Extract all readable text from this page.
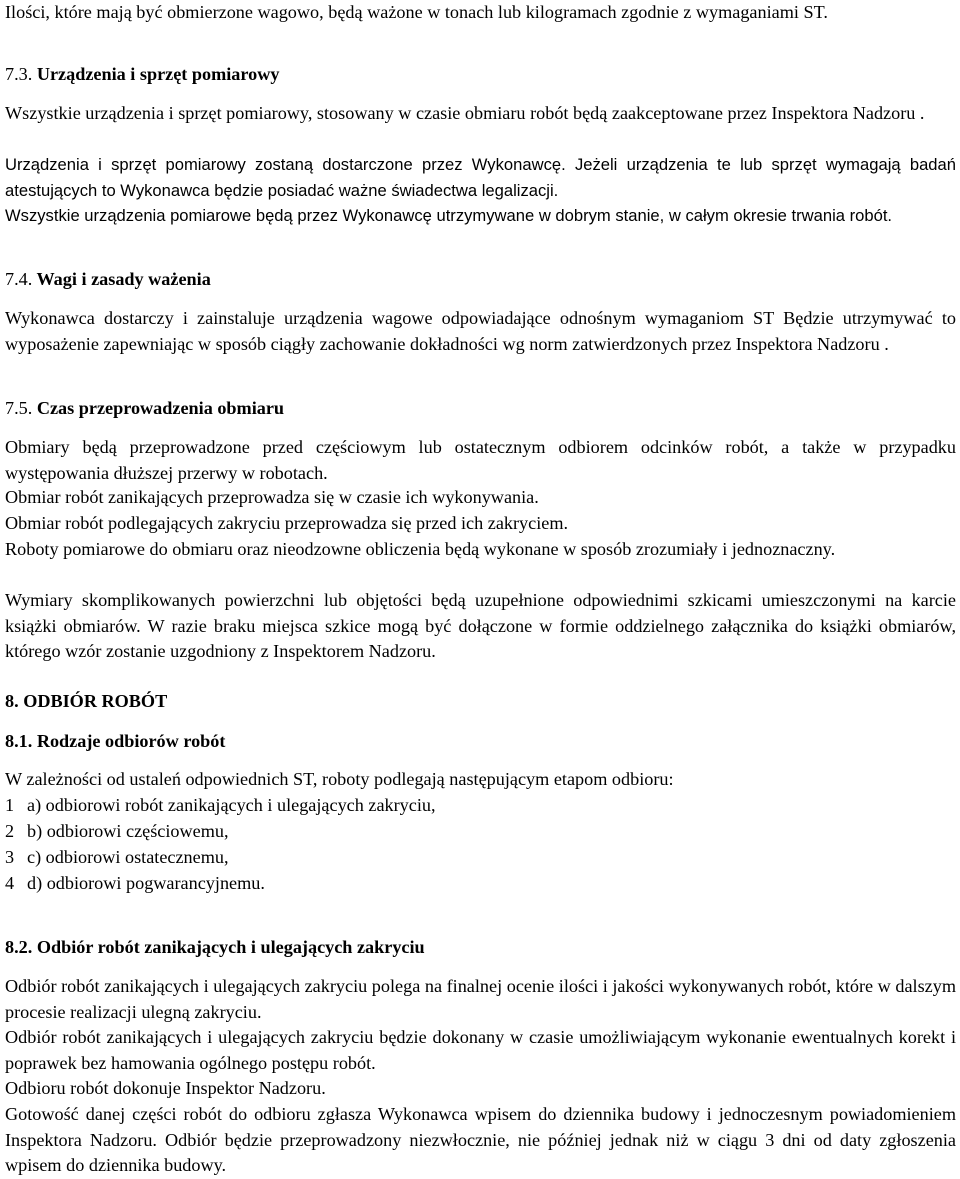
Ilości, które mają być obmierzone wagowo, będą ważone w tonach lub kilogramach zgodnie z wymaganiami ST.

7.3. Urządzenia i sprzęt pomiarowy

Wszystkie urządzenia i sprzęt pomiarowy, stosowany w czasie obmiaru robót będą zaakceptowane przez Inspektora Nadzoru .

Urządzenia i sprzęt pomiarowy zostaną dostarczone przez Wykonawcę. Jeżeli urządzenia te lub sprzęt wymagają badań atestujących to Wykonawca będzie posiadać ważne świadectwa legalizacji.

Wszystkie urządzenia pomiarowe będą przez Wykonawcę utrzymywane w dobrym stanie, w całym okresie trwania robót.

7.4. Wagi i zasady ważenia

Wykonawca dostarczy i zainstaluje urządzenia wagowe odpowiadające odnośnym wymaganiom ST Będzie utrzymywać to wyposażenie zapewniając w sposób ciągły zachowanie dokładności wg norm zatwierdzonych przez Inspektora Nadzoru .

7.5. Czas przeprowadzenia obmiaru

Obmiary będą przeprowadzone przed częściowym lub ostatecznym odbiorem odcinków robót, a także w przypadku występowania dłuższej przerwy w robotach.

Obmiar robót zanikających przeprowadza się w czasie ich wykonywania.

Obmiar robót podlegających zakryciu przeprowadza się przed ich zakryciem.

Roboty pomiarowe do obmiaru oraz nieodzowne obliczenia będą wykonane w sposób zrozumiały i jednoznaczny.

Wymiary skomplikowanych powierzchni lub objętości będą uzupełnione odpowiednimi szkicami umieszczonymi na karcie książki obmiarów. W razie braku miejsca szkice mogą być dołączone w formie oddzielnego załącznika do książki obmiarów, którego wzór zostanie uzgodniony z Inspektorem Nadzoru.

8. ODBIÓR ROBÓT

8.1. Rodzaje odbiorów robót

W zależności od ustaleń odpowiednich ST, roboty podlegają następującym etapom odbioru:

1 a) odbiorowi robót zanikających i ulegających zakryciu,

2 b) odbiorowi częściowemu,

3 c) odbiorowi ostatecznemu,

4 d) odbiorowi pogwarancyjnemu.

8.2. Odbiór robót zanikających i ulegających zakryciu

Odbiór robót zanikających i ulegających zakryciu polega na finalnej ocenie ilości i jakości wykonywanych robót, które w dalszym procesie realizacji ulegną zakryciu.

Odbiór robót zanikających i ulegających zakryciu będzie dokonany w czasie umożliwiającym wykonanie ewentualnych korekt i poprawek bez hamowania ogólnego postępu robót.

Odbioru robót dokonuje Inspektor Nadzoru.

Gotowość danej części robót do odbioru zgłasza Wykonawca wpisem do dziennika budowy i jednoczesnym powiadomieniem Inspektora Nadzoru. Odbiór będzie przeprowadzony niezwłocznie, nie później jednak niż w ciągu 3 dni od daty zgłoszenia wpisem do dziennika budowy.
